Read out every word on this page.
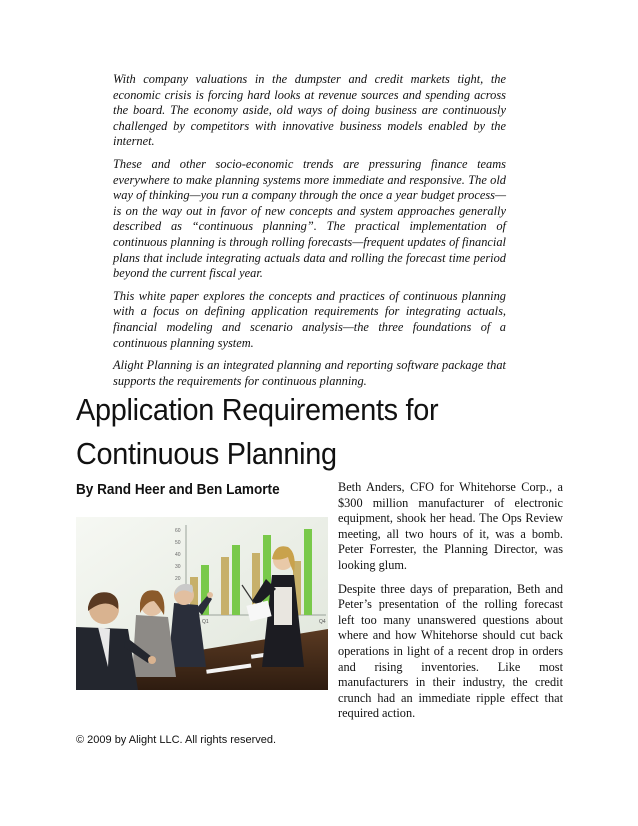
With company valuations in the dumpster and credit markets tight, the economic crisis is forcing hard looks at revenue sources and spending across the board. The economy aside, old ways of doing business are continuously challenged by competitors with innovative business models enabled by the internet.

These and other socio-economic trends are pressuring finance teams everywhere to make planning systems more immediate and responsive. The old way of thinking—you run a company through the once a year budget process—is on the way out in favor of new concepts and system approaches generally described as “continuous planning”. The practical implementation of continuous planning is through rolling forecasts—frequent updates of financial plans that include integrating actuals data and rolling the forecast time period beyond the current fiscal year.

This white paper explores the concepts and practices of continuous planning with a focus on defining application requirements for integrating actuals, financial modeling and scenario analysis—the three foundations of a continuous planning system.

Alight Planning is an integrated planning and reporting software package that supports the requirements for continuous planning.

Application Requirements for
Continuous Planning

By Rand Heer and Ben Lamorte

60
50
40
30
20
Q1	Q4

Beth Anders, CFO for Whitehorse Corp., a $300 million manufacturer of electronic equipment, shook her head. The Ops Review meeting, all two hours of it, was a bomb. Peter Forrester, the Planning Director, was looking glum.

Despite three days of preparation, Beth and Peter’s presentation of the rolling forecast left too many unanswered questions about where and how Whitehorse should cut back operations in light of a recent drop in orders and rising inventories. Like most manufacturers in their industry, the credit crunch had an immediate ripple effect that required action.

© 2009 by Alight LLC. All rights reserved.
